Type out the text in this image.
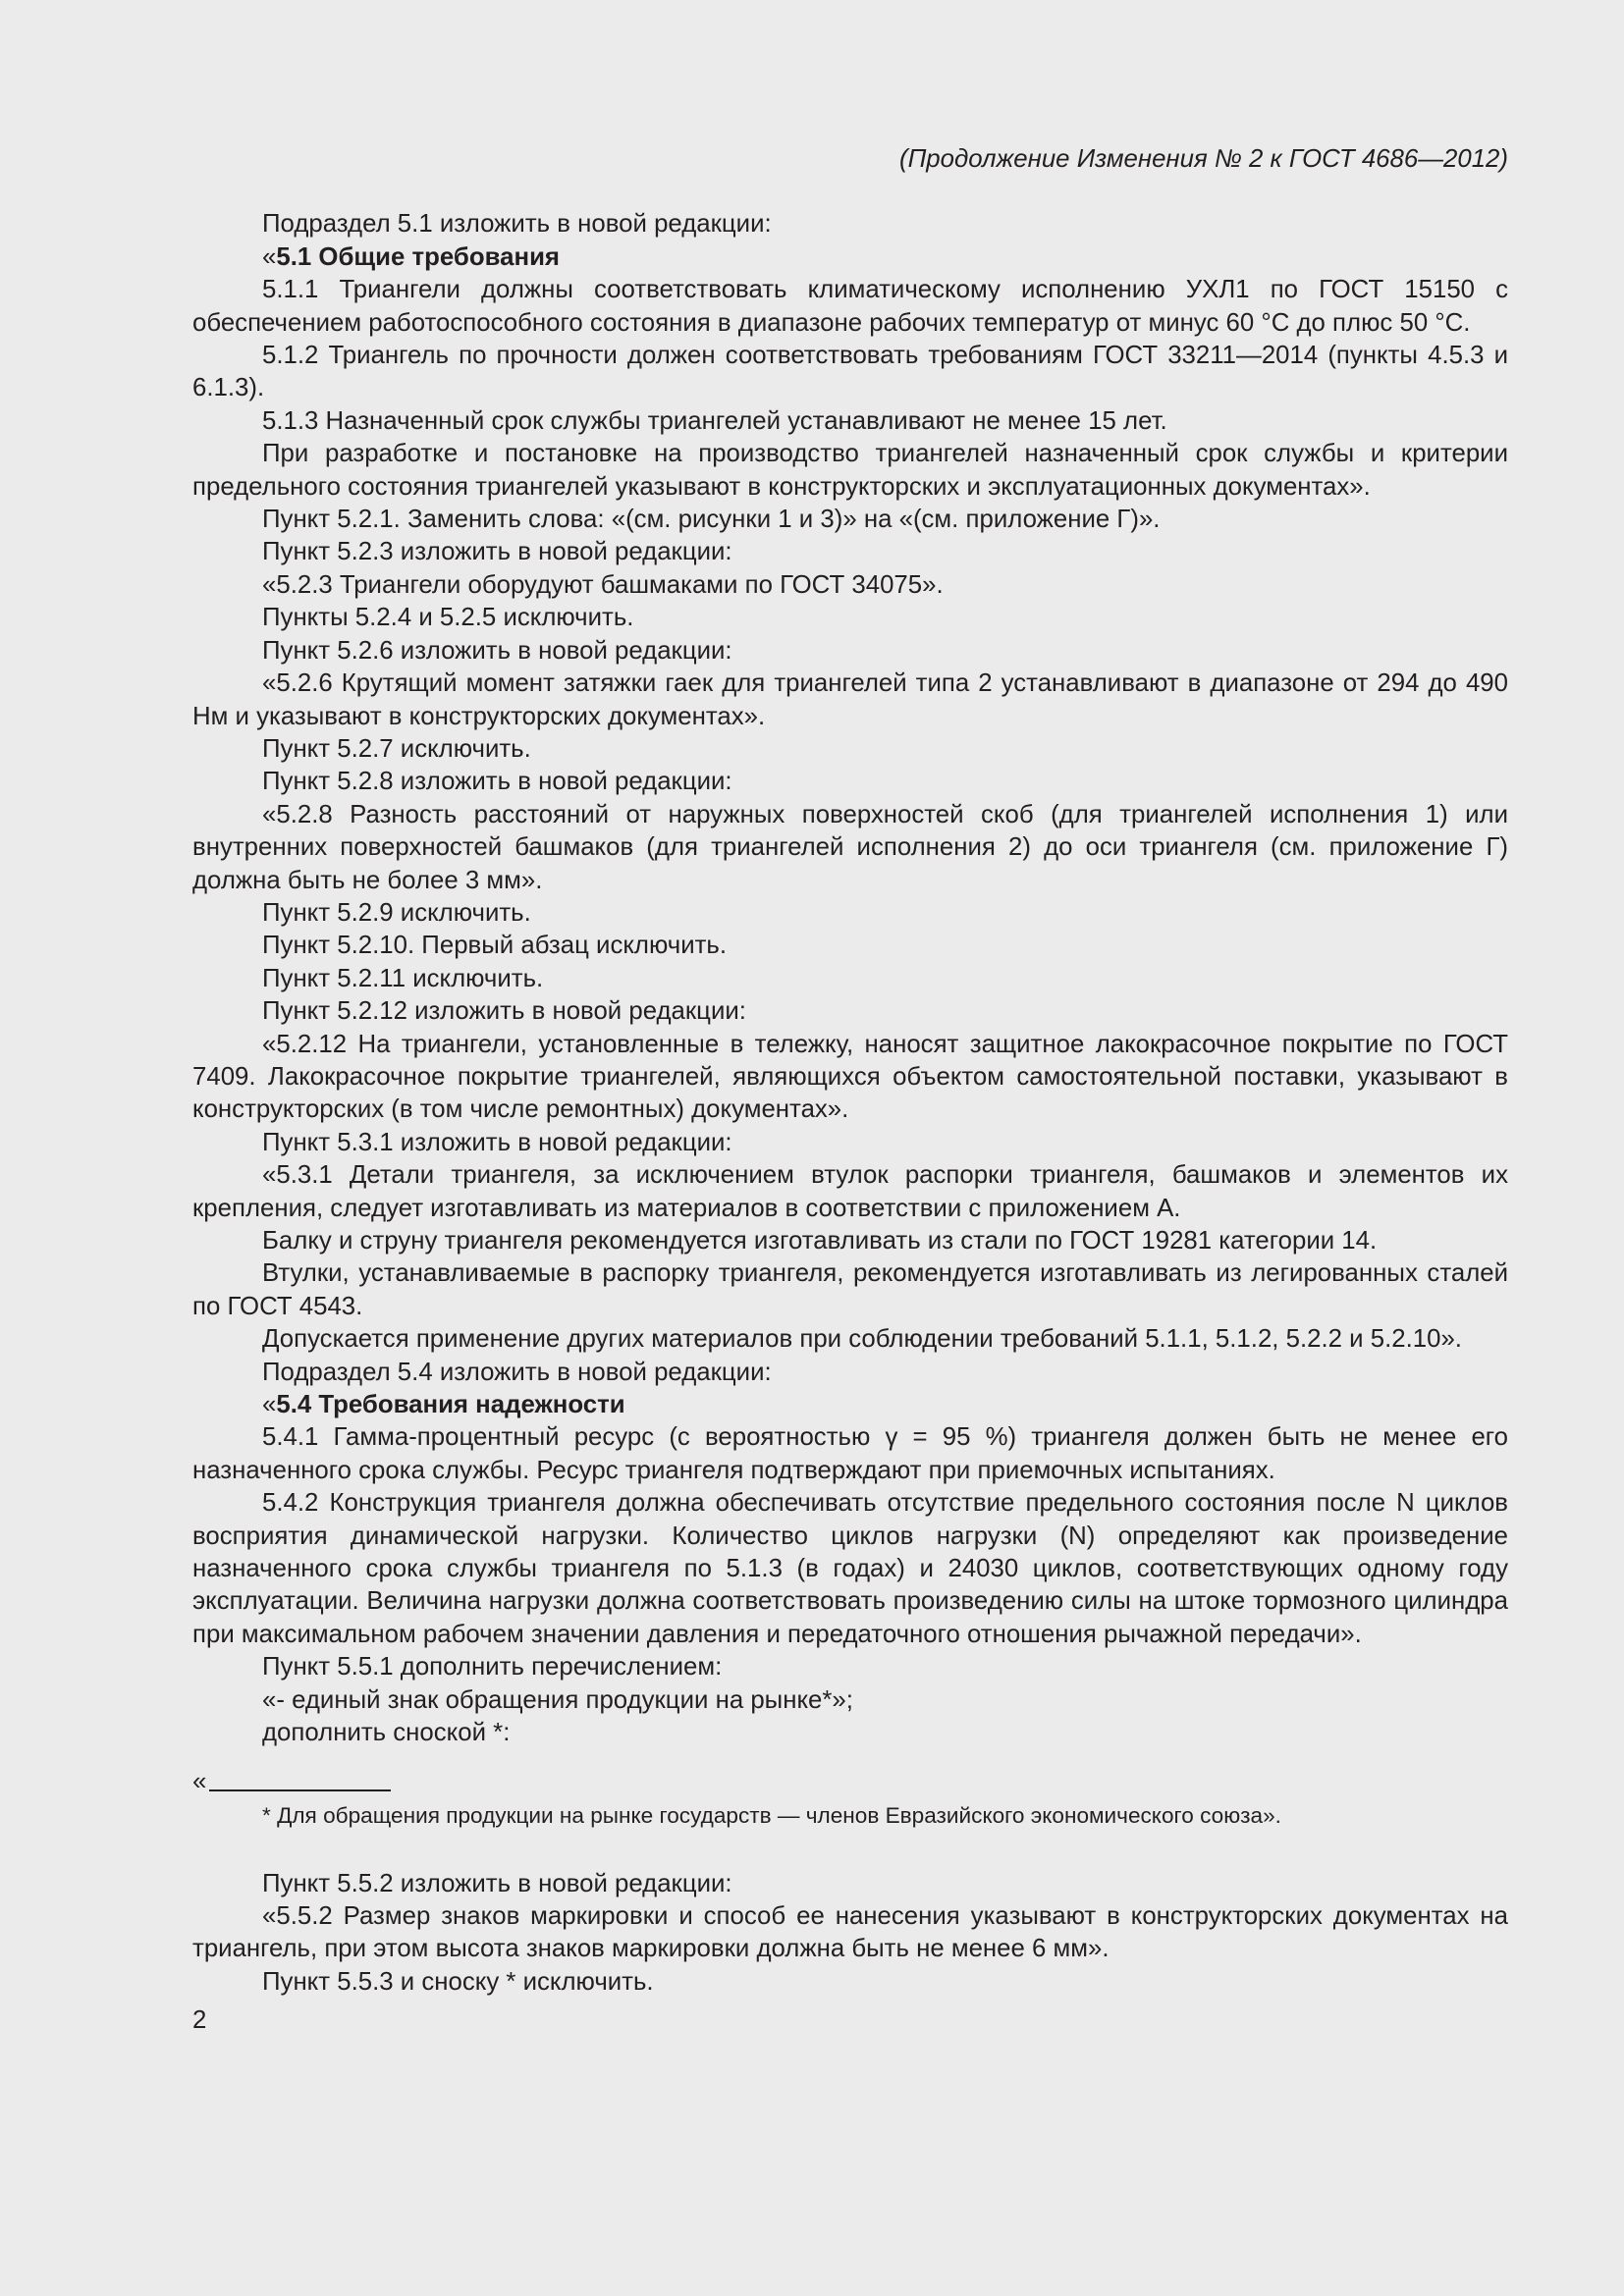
(Продолжение Изменения № 2 к ГОСТ 4686—2012)

Подраздел 5.1 изложить в новой редакции:

«5.1 Общие требования

5.1.1 Триангели должны соответствовать климатическому исполнению УХЛ1 по ГОСТ 15150 с обеспечением работоспособного состояния в диапазоне рабочих температур от минус 60 °С до плюс 50 °С.

5.1.2 Триангель по прочности должен соответствовать требованиям ГОСТ 33211—2014 (пункты 4.5.3 и 6.1.3).

5.1.3 Назначенный срок службы триангелей устанавливают не менее 15 лет.

При разработке и постановке на производство триангелей назначенный срок службы и критерии предельного состояния триангелей указывают в конструкторских и эксплуатационных документах».

Пункт 5.2.1. Заменить слова: «(см. рисунки 1 и 3)» на «(см. приложение Г)».

Пункт 5.2.3 изложить в новой редакции:

«5.2.3 Триангели оборудуют башмаками по ГОСТ 34075».

Пункты 5.2.4 и 5.2.5 исключить.

Пункт 5.2.6 изложить в новой редакции:

«5.2.6 Крутящий момент затяжки гаек для триангелей типа 2 устанавливают в диапазоне от 294 до 490 Нм и указывают в конструкторских документах».

Пункт 5.2.7 исключить.

Пункт 5.2.8 изложить в новой редакции:

«5.2.8 Разность расстояний от наружных поверхностей скоб (для триангелей исполнения 1) или внутренних поверхностей башмаков (для триангелей исполнения 2) до оси триангеля (см. приложение Г) должна быть не более 3 мм».

Пункт 5.2.9 исключить.

Пункт 5.2.10. Первый абзац исключить.

Пункт 5.2.11 исключить.

Пункт 5.2.12 изложить в новой редакции:

«5.2.12 На триангели, установленные в тележку, наносят защитное лакокрасочное покрытие по ГОСТ 7409. Лакокрасочное покрытие триангелей, являющихся объектом самостоятельной поставки, указывают в конструкторских (в том числе ремонтных) документах».

Пункт 5.3.1 изложить в новой редакции:

«5.3.1 Детали триангеля, за исключением втулок распорки триангеля, башмаков и элементов их крепления, следует изготавливать из материалов в соответствии с приложением А.

Балку и струну триангеля рекомендуется изготавливать из стали по ГОСТ 19281 категории 14.

Втулки, устанавливаемые в распорку триангеля, рекомендуется изготавливать из легированных сталей по ГОСТ 4543.

Допускается применение других материалов при соблюдении требований 5.1.1, 5.1.2, 5.2.2 и 5.2.10».

Подраздел 5.4 изложить в новой редакции:

«5.4 Требования надежности

5.4.1 Гамма-процентный ресурс (с вероятностью γ = 95 %) триангеля должен быть не менее его назначенного срока службы. Ресурс триангеля подтверждают при приемочных испытаниях.

5.4.2 Конструкция триангеля должна обеспечивать отсутствие предельного состояния после N циклов восприятия динамической нагрузки. Количество циклов нагрузки (N) определяют как произведение назначенного срока службы триангеля по 5.1.3 (в годах) и 24030 циклов, соответствующих одному году эксплуатации. Величина нагрузки должна соответствовать произведению силы на штоке тормозного цилиндра при максимальном рабочем значении давления и передаточного отношения рычажной передачи».

Пункт 5.5.1 дополнить перечислением:

«- единый знак обращения продукции на рынке*»;

дополнить сноской *:

«

* Для обращения продукции на рынке государств — членов Евразийского экономического союза».

Пункт 5.5.2 изложить в новой редакции:

«5.5.2 Размер знаков маркировки и способ ее нанесения указывают в конструкторских документах на триангель, при этом высота знаков маркировки должна быть не менее 6 мм».

Пункт 5.5.3 и сноску * исключить.

2
